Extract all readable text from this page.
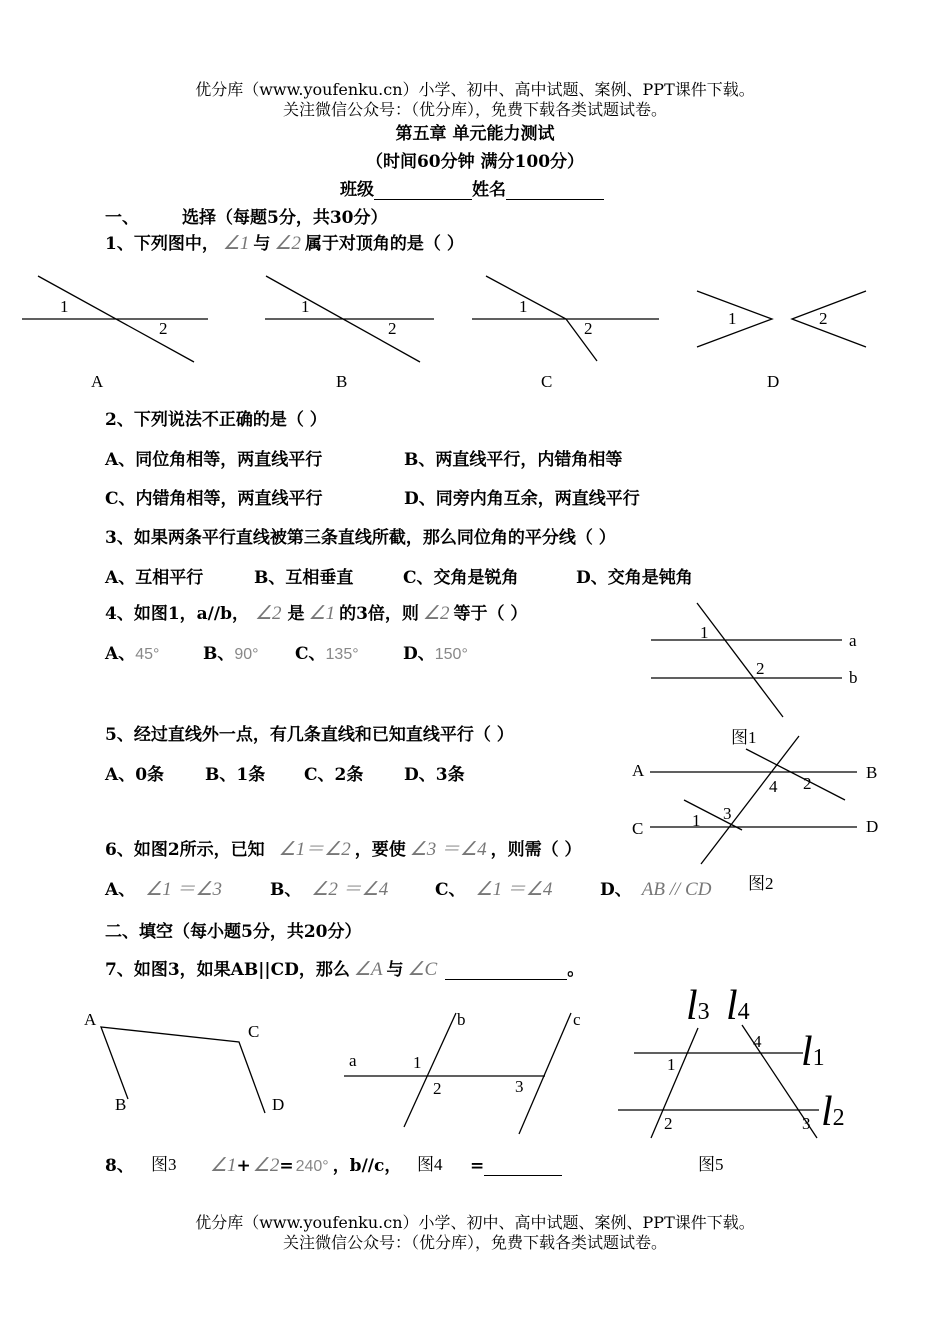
优分库（www.youfenku.cn）小学、初中、高中试题、案例、PPT课件下载。
关注微信公众号：（优分库），免费下载各类试题试卷。
第五章 单元能力测试
（时间60分钟 满分100分）
班级	姓名
一、	选择（每题5分，共30分）
1、下列图中， ∠1 与 ∠2 属于对顶角的是（ ）
1
2
1
2
1
2
1	2
A	B	C	D
2、下列说法不正确的是（ ）
A、同位角相等，两直线平行	B、两直线平行，内错角相等
C、内错角相等，两直线平行	D、同旁内角互余，两直线平行
3、如果两条平行直线被第三条直线所截，那么同位角的平分线（ ）
A、互相平行	B、互相垂直	C、交角是锐角	D、交角是钝角
4、如图1，a//b， ∠2 是 ∠1 的3倍，则 ∠2 等于（ ）
A、45°	B、90° C、135°	D、150°
1
2
a
b
图1
5、经过直线外一点，有几条直线和已知直线平行（ ）
A、0条 B、1条 C、2条 D、3条	A	B
C	D
4 2
3
1
图2
6、如图2所示，已知 ∠1＝∠2 ，要使 ∠3 ＝∠4 ，则需（ ）
A、 ∠1 ＝∠3	B、 ∠2 ＝∠4	C、 ∠1 ＝∠4	D、 AB // CD
二、填空（每小题5分，共20分）
7、如图3，如果AB||CD，那么 ∠A 与 ∠C	。
A
B
C
D
a
b	c
1
2	3
l3 l4
l1
l2
1
4
2	3
8、 图3 ∠1+ ∠2= 240° ，b//c， 图4 =	图5
优分库（www.youfenku.cn）小学、初中、高中试题、案例、PPT课件下载。
关注微信公众号：（优分库），免费下载各类试题试卷。
